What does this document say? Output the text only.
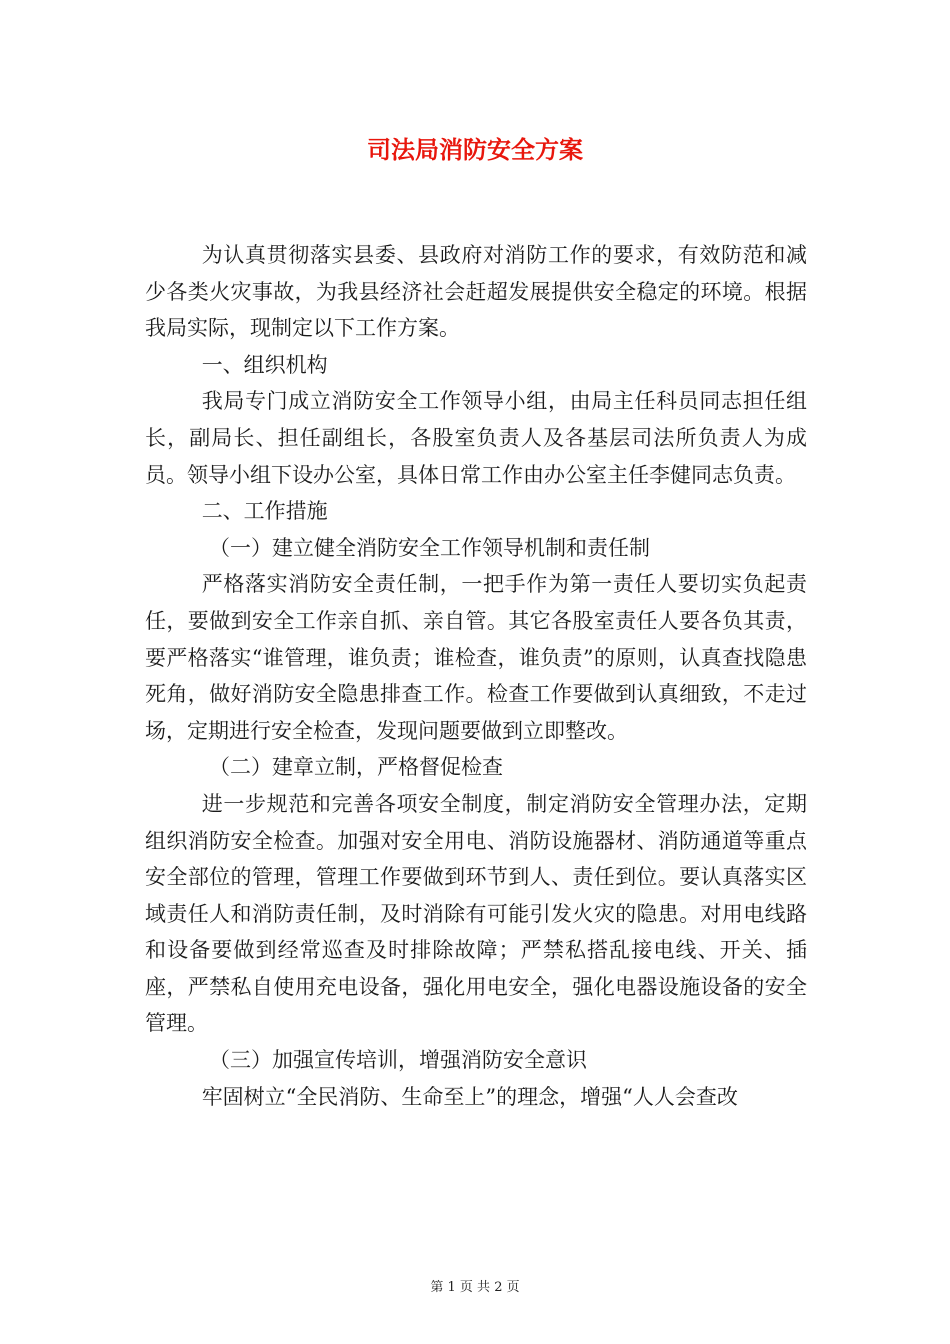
司法局消防安全方案

为认真贯彻落实县委、县政府对消防工作的要求，有效防范和减少各类火灾事故，为我县经济社会赶超发展提供安全稳定的环境。根据我局实际，现制定以下工作方案。

一、组织机构

我局专门成立消防安全工作领导小组，由局主任科员同志担任组长，副局长、担任副组长，各股室负责人及各基层司法所负责人为成员。领导小组下设办公室，具体日常工作由办公室主任李健同志负责。

二、工作措施

（一）建立健全消防安全工作领导机制和责任制

严格落实消防安全责任制，一把手作为第一责任人要切实负起责任，要做到安全工作亲自抓、亲自管。其它各股室责任人要各负其责，要严格落实“谁管理，谁负责；谁检查，谁负责”的原则，认真查找隐患死角，做好消防安全隐患排查工作。检查工作要做到认真细致，不走过场，定期进行安全检查，发现问题要做到立即整改。

（二）建章立制，严格督促检查

进一步规范和完善各项安全制度，制定消防安全管理办法，定期组织消防安全检查。加强对安全用电、消防设施器材、消防通道等重点安全部位的管理，管理工作要做到环节到人、责任到位。要认真落实区域责任人和消防责任制，及时消除有可能引发火灾的隐患。对用电线路和设备要做到经常巡查及时排除故障；严禁私搭乱接电线、开关、插座，严禁私自使用充电设备，强化用电安全，强化电器设施设备的安全管理。

（三）加强宣传培训，增强消防安全意识

牢固树立“全民消防、生命至上”的理念，增强“人人会查改

第 1 页 共 2 页
